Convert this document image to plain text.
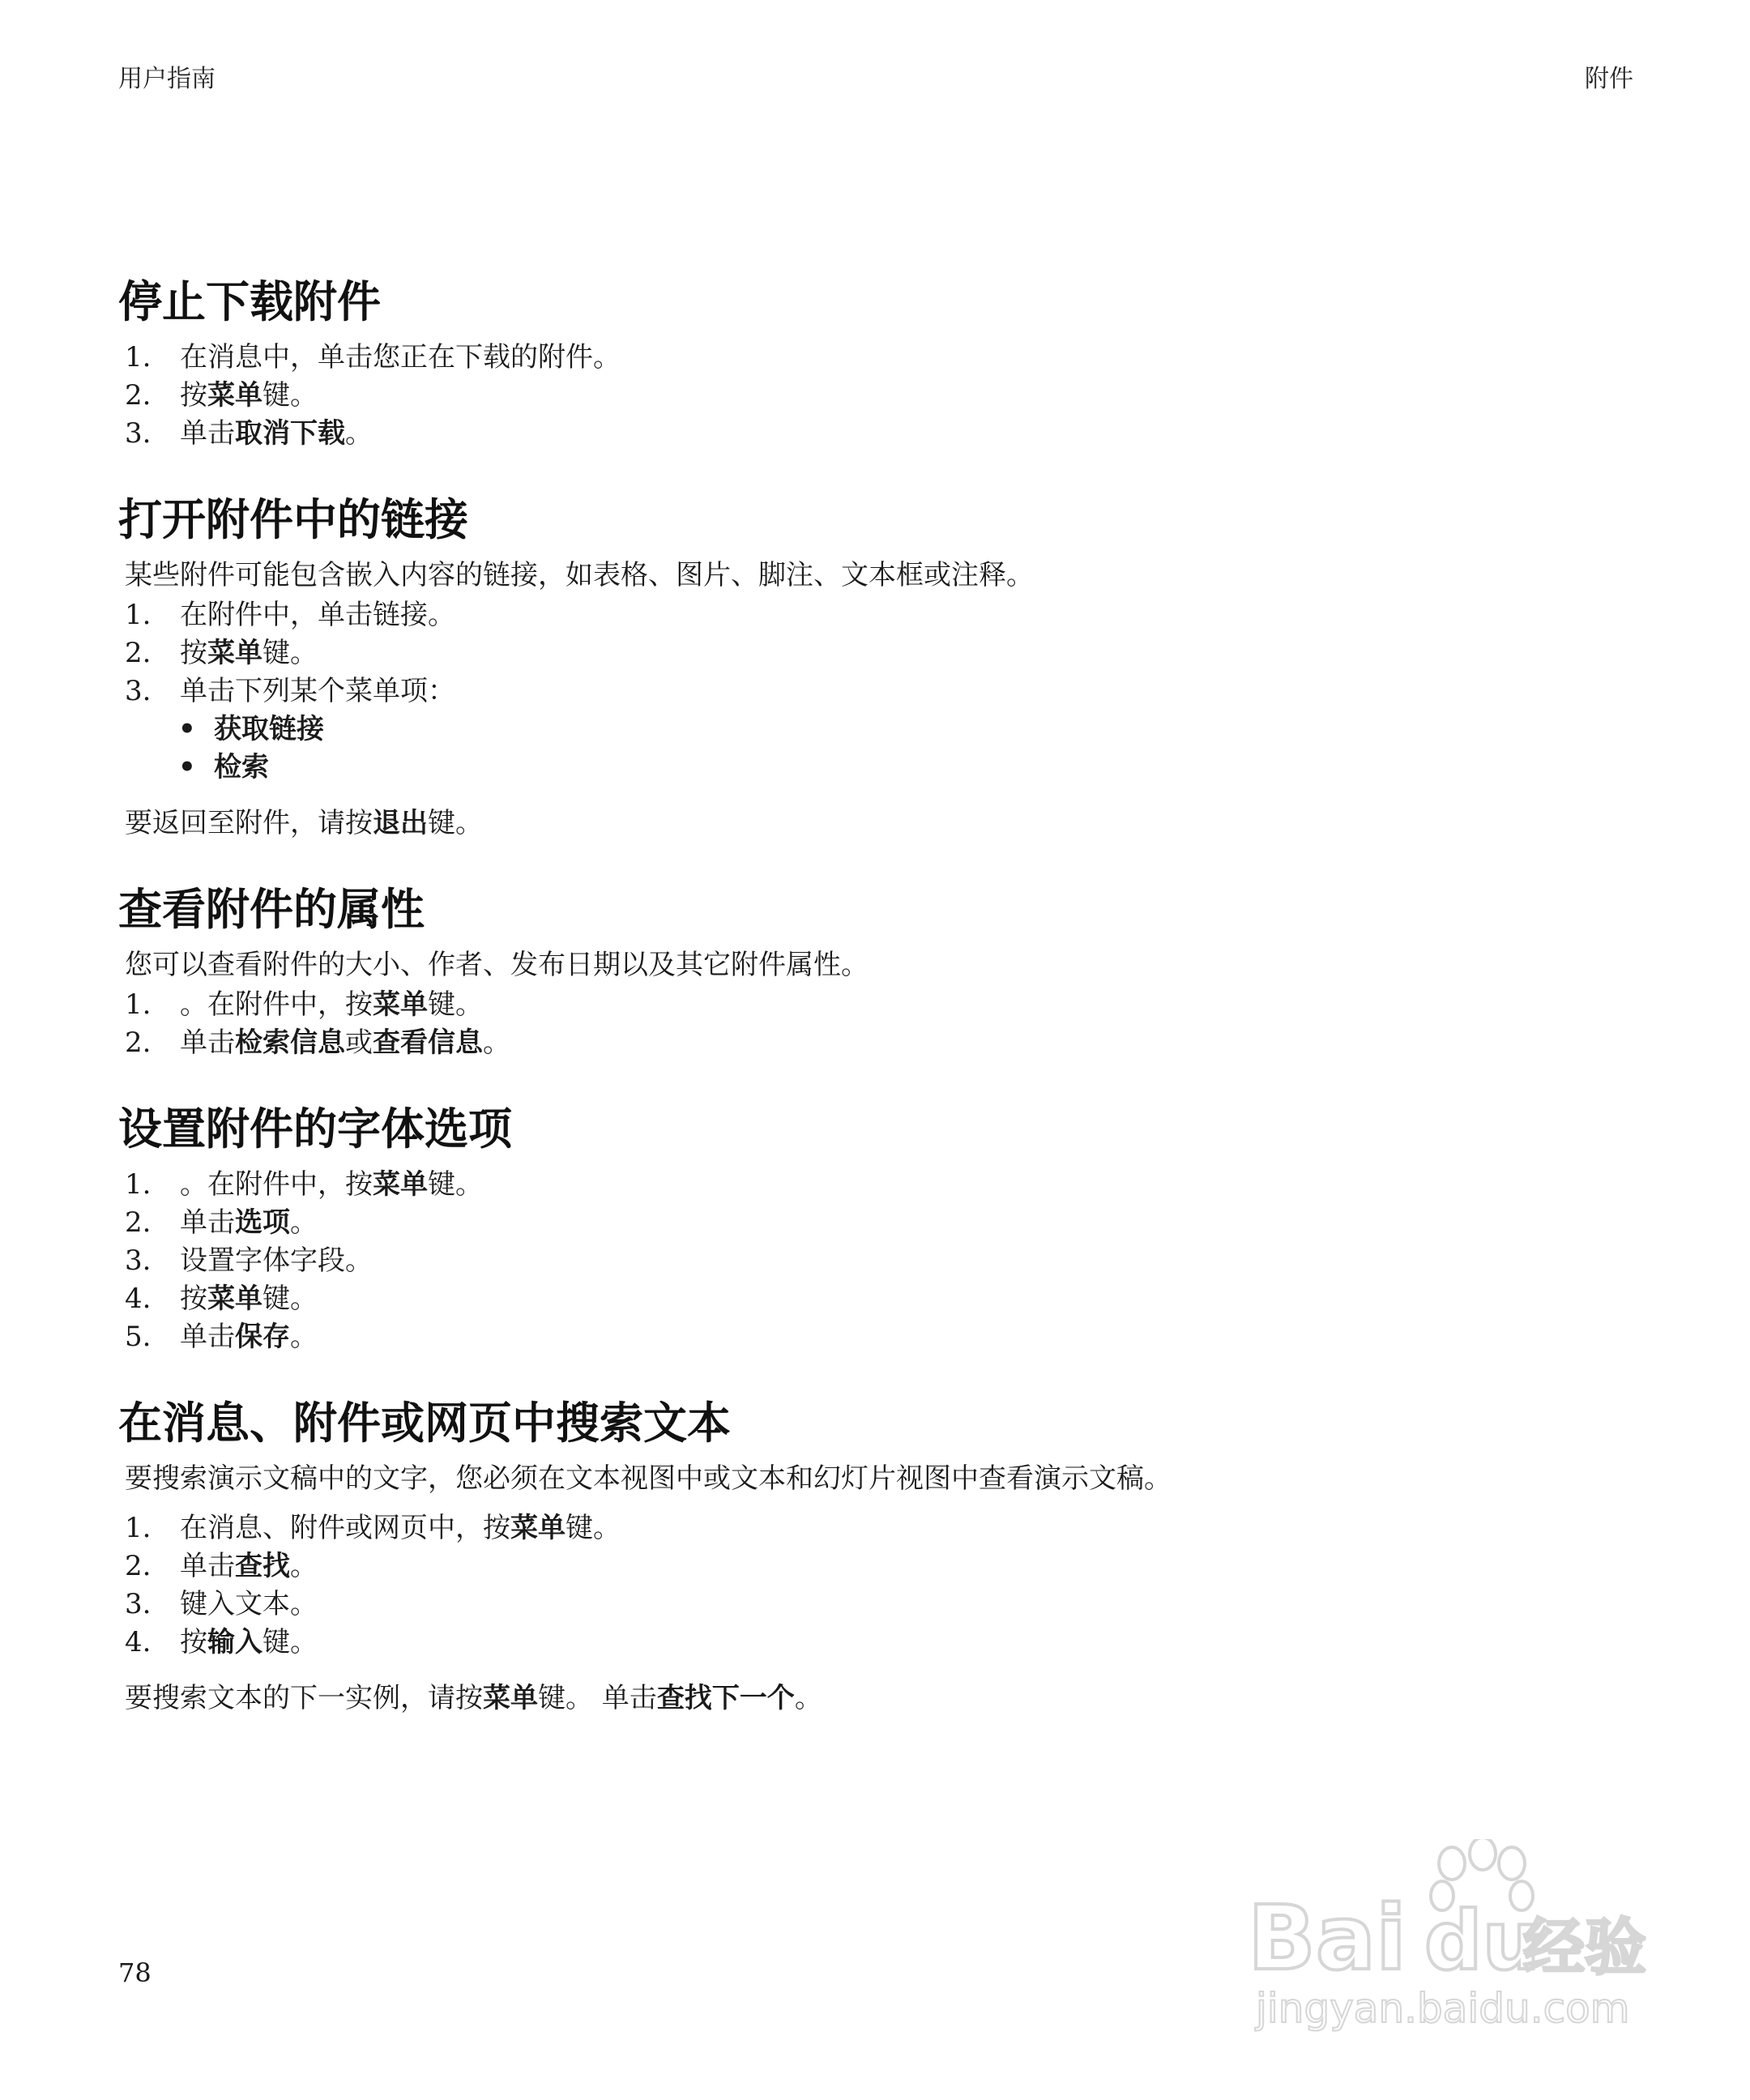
用户指南	附件
停止下载附件
1. 在消息中，单击您正在下载的附件。
2. 按菜单键。
3. 单击取消下载。
打开附件中的链接

某些附件可能包含嵌入内容的链接，如表格、图片、脚注、文本框或注释。

1. 在附件中，单击链接。
2. 按菜单键。
3. 单击下列某个菜单项：
• 获取链接
• 检索

要返回至附件，请按退出键。

查看附件的属性

您可以查看附件的大小、作者、发布日期以及其它附件属性。

1. 。在附件中，按菜单键。
2. 单击检索信息或查看信息。
设置附件的字体选项
1. 。在附件中，按菜单键。
2. 单击选项。
3. 设置字体字段。
4. 按菜单键。
5. 单击保存。
在消息、附件或网页中搜索文本

要搜索演示文稿中的文字，您必须在文本视图中或文本和幻灯片视图中查看演示文稿。

1. 在消息、附件或网页中，按菜单键。
2. 单击查找。
3. 键入文本。
4. 按输入键。

要搜索文本的下一实例，请按菜单键。 单击查找下一个。

78	Bai du
经验
jingyan.baidu.com
